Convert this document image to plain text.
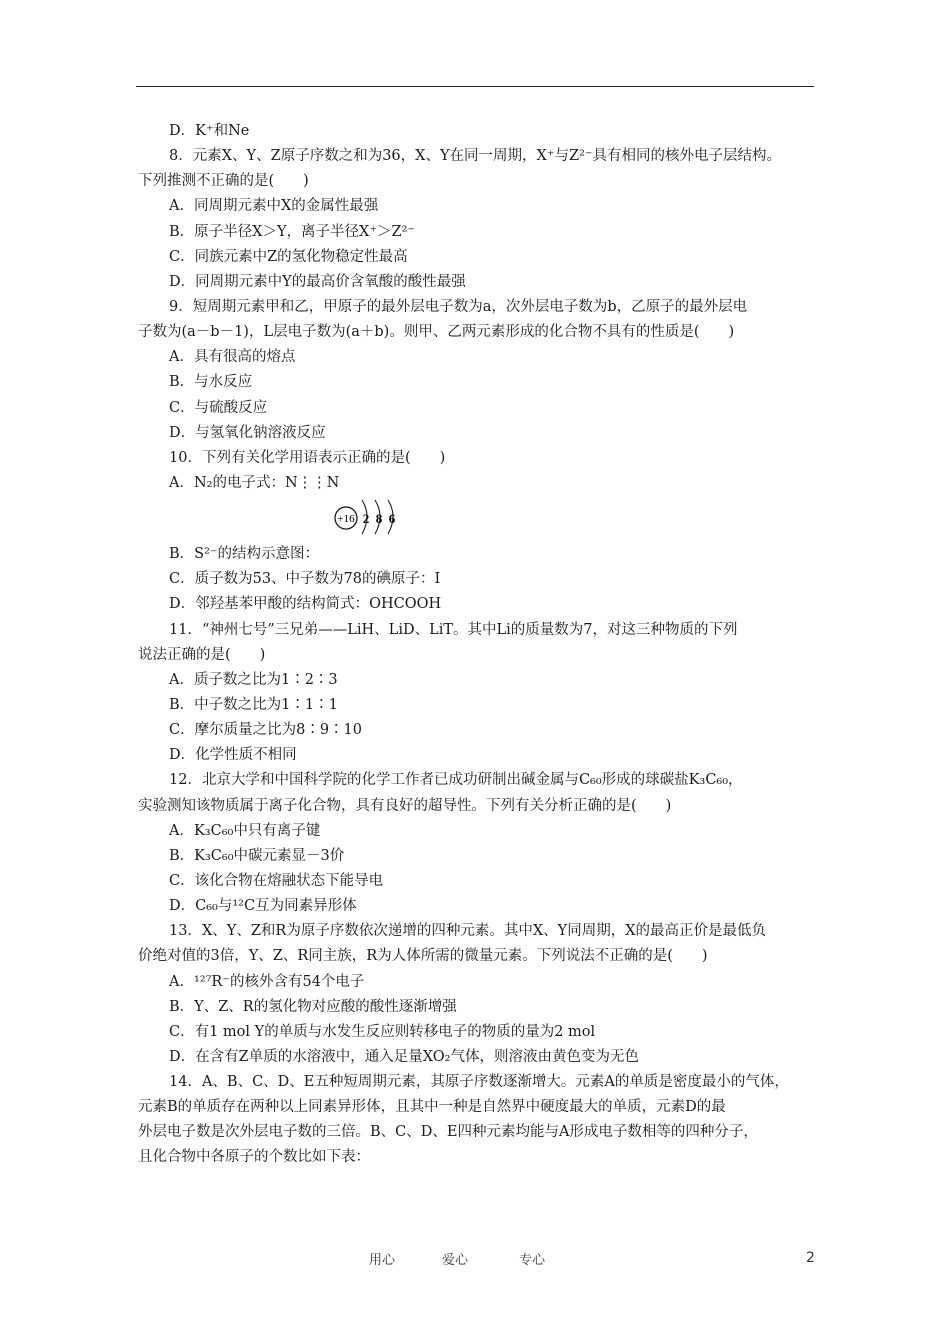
D．K⁺和Ne
8．元素X、Y、Z原子序数之和为36，X、Y在同一周期，X⁺与Z²⁻具有相同的核外电子层结构。
下列推测不正确的是(　　)
A．同周期元素中X的金属性最强
B．原子半径X＞Y，离子半径X⁺＞Z²⁻
C．同族元素中Z的氢化物稳定性最高
D．同周期元素中Y的最高价含氧酸的酸性最强
9．短周期元素甲和乙，甲原子的最外层电子数为a，次外层电子数为b，乙原子的最外层电
子数为(a－b－1)，L层电子数为(a＋b)。则甲、乙两元素形成的化合物不具有的性质是(　　)
A．具有很高的熔点
B．与水反应
C．与硫酸反应
D．与氢氧化钠溶液反应
10．下列有关化学用语表示正确的是(　　)
A．N₂的电子式：N⋮⋮N
+16 2 8 6
B．S²⁻的结构示意图：
C．质子数为53、中子数为78的碘原子：I
D．邻羟基苯甲酸的结构简式：OHCOOH
11．“神州七号”三兄弟——LiH、LiD、LiT。其中Li的质量数为7，对这三种物质的下列
说法正确的是(　　)
A．质子数之比为1∶2∶3
B．中子数之比为1∶1∶1
C．摩尔质量之比为8∶9∶10
D．化学性质不相同
12．北京大学和中国科学院的化学工作者已成功研制出碱金属与C₆₀形成的球碳盐K₃C₆₀，
实验测知该物质属于离子化合物，具有良好的超导性。下列有关分析正确的是(　　)
A．K₃C₆₀中只有离子键
B．K₃C₆₀中碳元素显－3价
C．该化合物在熔融状态下能导电
D．C₆₀与¹²C互为同素异形体
13．X、Y、Z和R为原子序数依次递增的四种元素。其中X、Y同周期，X的最高正价是最低负
价绝对值的3倍，Y、Z、R同主族，R为人体所需的微量元素。下列说法不正确的是(　　)
A．¹²⁷R⁻的核外含有54个电子
B．Y、Z、R的氢化物对应酸的酸性逐渐增强
C．有1 mol Y的单质与水发生反应则转移电子的物质的量为2 mol
D．在含有Z单质的水溶液中，通入足量XO₂气体，则溶液由黄色变为无色
14．A、B、C、D、E五种短周期元素，其原子序数逐渐增大。元素A的单质是密度最小的气体，
元素B的单质存在两种以上同素异形体，且其中一种是自然界中硬度最大的单质，元素D的最
外层电子数是次外层电子数的三倍。B、C、D、E四种元素均能与A形成电子数相等的四种分子，
且化合物中各原子的个数比如下表：
用心	爱心	专心	2
